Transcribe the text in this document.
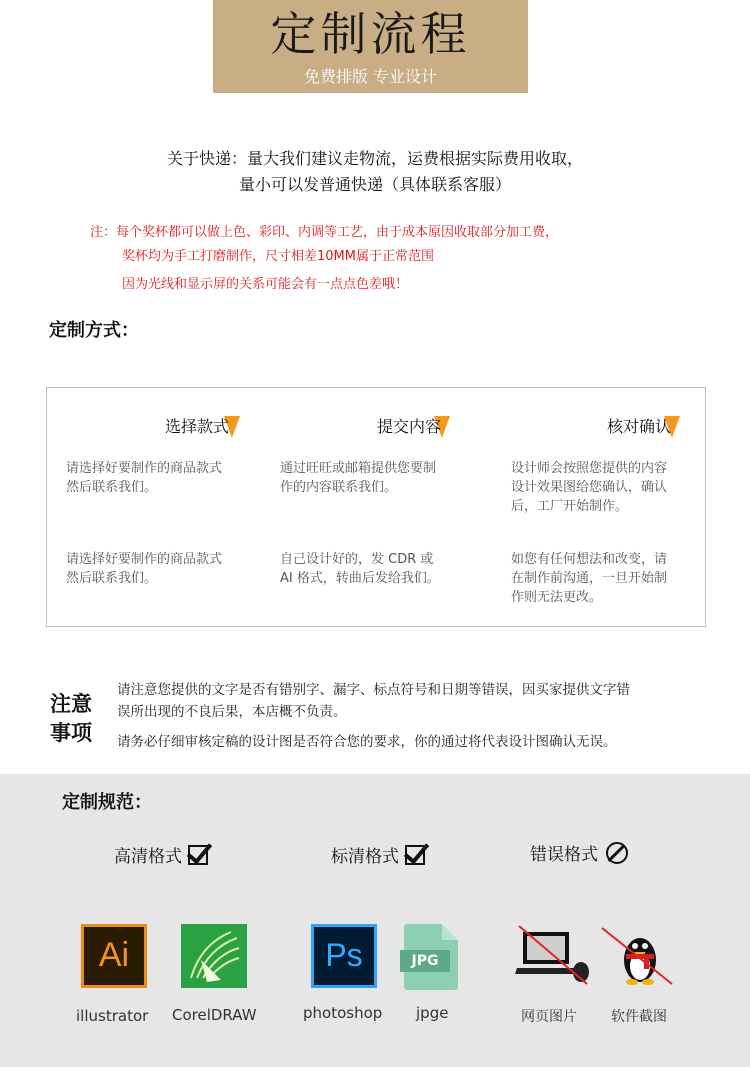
定制流程
免费排版 专业设计
关于快递：量大我们建议走物流，运费根据实际费用收取，
量小可以发普通快递（具体联系客服）
注：每个奖杯都可以做上色、彩印、内调等工艺，由于成本原因收取部分加工费，
奖杯均为手工打磨制作，尺寸相差10MM属于正常范围
因为光线和显示屏的关系可能会有一点点色差哦！
定制方式：
选择款式
请选择好要制作的商品款式
然后联系我们。
请选择好要制作的商品款式
然后联系我们。
提交内容
通过旺旺或邮箱提供您要制
作的内容联系我们。
自己设计好的，发 CDR 或
AI 格式，转曲后发给我们。
核对确认
设计师会按照您提供的内容
设计效果图给您确认，确认
后，工厂开始制作。
如您有任何想法和改变，请
在制作前沟通，一旦开始制
作则无法更改。
注意
事项
请注意您提供的文字是否有错别字、漏字、标点符号和日期等错误，因买家提供文字错
误所出现的不良后果，本店概不负责。
请务必仔细审核定稿的设计图是否符合您的要求，你的通过将代表设计图确认无误。
定制规范：
高清格式	标清格式	错误格式
Ai
illustrator CorelDRAW
Ps
photoshop
JPG
jpge	网页图片 软件截图
